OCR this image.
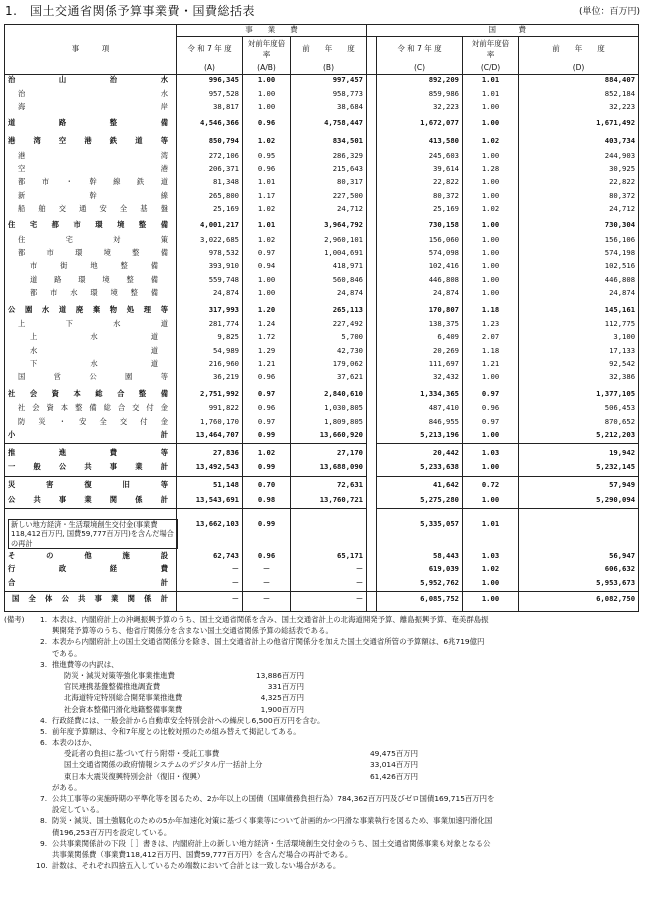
1.　国土交通省関係予算事業費・国費総括表	(単位：百万円)
事　　　項	事　　業　　費				国　　　費		
	令 和 7 年 度	対前年度倍　　率	前　　年　　度		令 和 7 年 度	対前年度倍　　率	前　　年　　度
	(A)	(A/B)	(B)		(C)	(C/D)	(D)

治 山 治 水	996,345	1.00	997,457		892,209	1.01	884,407

治 水	957,528	1.00	958,773		859,986	1.01	852,184

海 岸	38,817	1.00	38,684		32,223	1.00	32,223

道 路 整 備	4,546,366	0.96	4,758,447		1,672,077	1.00	1,671,492

港 湾 空 港 鉄 道 等	850,794	1.02	834,501		413,580	1.02	403,734

港 湾	272,106	0.95	286,329		245,603	1.00	244,903

空 港	206,371	0.96	215,643		39,614	1.28	30,925

都 市 ・ 幹 線 鉄 道	81,348	1.01	80,317		22,822	1.00	22,822

新 幹 線	265,800	1.17	227,500		80,372	1.00	80,372

船 舶 交 通 安 全 基 盤	25,169	1.02	24,712		25,169	1.02	24,712

住 宅 都 市 環 境 整 備	4,001,217	1.01	3,964,792		730,158	1.00	730,304

住 宅 対 策	3,022,685	1.02	2,960,101		156,060	1.00	156,106

都 市 環 境 整 備	978,532	0.97	1,004,691		574,098	1.00	574,198

市 街 地 整 備	393,910	0.94	418,971		102,416	1.00	102,516

道 路 環 境 整 備	559,748	1.00	560,846		446,808	1.00	446,808

都 市 水 環 境 整 備	24,874	1.00	24,874		24,874	1.00	24,874

公 園 水 道 廃 棄 物 処 理 等	317,993	1.20	265,113		170,807	1.18	145,161

上 下 水 道	281,774	1.24	227,492		138,375	1.23	112,775

上 水 道	9,825	1.72	5,700		6,409	2.07	3,100

水 道	54,989	1.29	42,730		20,269	1.18	17,133

下 水 道	216,960	1.21	179,062		111,697	1.21	92,542

国 営 公 園 等	36,219	0.96	37,621		32,432	1.00	32,386

社 会 資 本 総 合 整 備	2,751,992	0.97	2,840,610		1,334,365	0.97	1,377,105

社 会 資 本 整 備 総 合 交 付 金	991,822	0.96	1,030,805		487,410	0.96	506,453

防 災 ・ 安 全 交 付 金	1,760,170	0.97	1,809,805		846,955	0.97	870,652

小 計	13,464,707	0.99	13,660,920		5,213,196	1.00	5,212,203

推 進 費 等	27,836	1.02	27,170		20,442	1.03	19,942

一 般 公 共 事 業 計	13,492,543	0.99	13,688,090		5,233,638	1.00	5,232,145

災 害 復 旧 等	51,148	0.70	72,631		41,642	0.72	57,949

公 共 事 業 関 係 計	13,543,691	0.98	13,760,721		5,275,280	1.00	5,290,094

	13,662,103	0.99			5,335,057	1.01	

そ の 他 施 設	62,743	0.96	65,171		58,443	1.03	56,947

行 政 経 費	－	－	－		619,039	1.02	606,632

合 計	－	－	－		5,952,762	1.00	5,953,673

国 全 体 公 共 事 業 関 係 計	－	－	－		6,085,752	1.00	6,082,750
新しい地方経済・生活環境創生交付金(事業費118,412百万円, 国費59,777百万円)を含んだ場合の再計
(備考) 1. 本表は、内閣府計上の沖縄振興予算のうち、国土交通省関係を含み、国土交通省計上の北海道開発予算、離島振興予算、奄美群島振
興開発予算等のうち、他省庁関係分を含まない国土交通省関係予算の総括表である。
2. 本表から内閣府計上の国土交通省関係分を除き、国土交通省計上の他省庁関係分を加えた国土交通省所管の予算額は、6兆719億円
である。
3. 推進費等の内訳は、
防災・減災対策等強化事業推進費	13,886百万円
官民連携基盤整備推進調査費	331百万円
北海道特定特別総合開発事業推進費	4,325百万円
社会資本整備円滑化地籍整備事業費	1,900百万円
4. 行政経費には、一般会計から自動車安全特別会計への繰戻し6,500百万円を含む。
5. 前年度予算額は、令和7年度との比較対照のため組み替えて掲記してある。
6. 本表のほか、
受託者の負担に基づいて行う附帯・受託工事費	49,475百万円
国土交通省関係の政府情報システムのデジタル庁一括計上分	33,014百万円
東日本大震災復興特別会計（復旧・復興）	61,426百万円
がある。
7. 公共工事等の実施時期の平準化等を図るため、2か年以上の国債（国庫債務負担行為）784,362百万円及びゼロ国債169,715百万円を
設定している。
8. 防災・減災、国土強靱化のための5か年加速化対策に基づく事業等について計画的かつ円滑な事業執行を図るため、事業加速円滑化国
債196,253百万円を設定している。
9. 公共事業関係計の下段［ ］書きは、内閣府計上の新しい地方経済・生活環境創生交付金のうち、国土交通省関係事業も対象となる公
共事業関係費（事業費118,412百万円、国費59,777百万円）を含んだ場合の再計である。
10. 計数は、それぞれ四捨五入しているため端数において合計とは一致しない場合がある。
